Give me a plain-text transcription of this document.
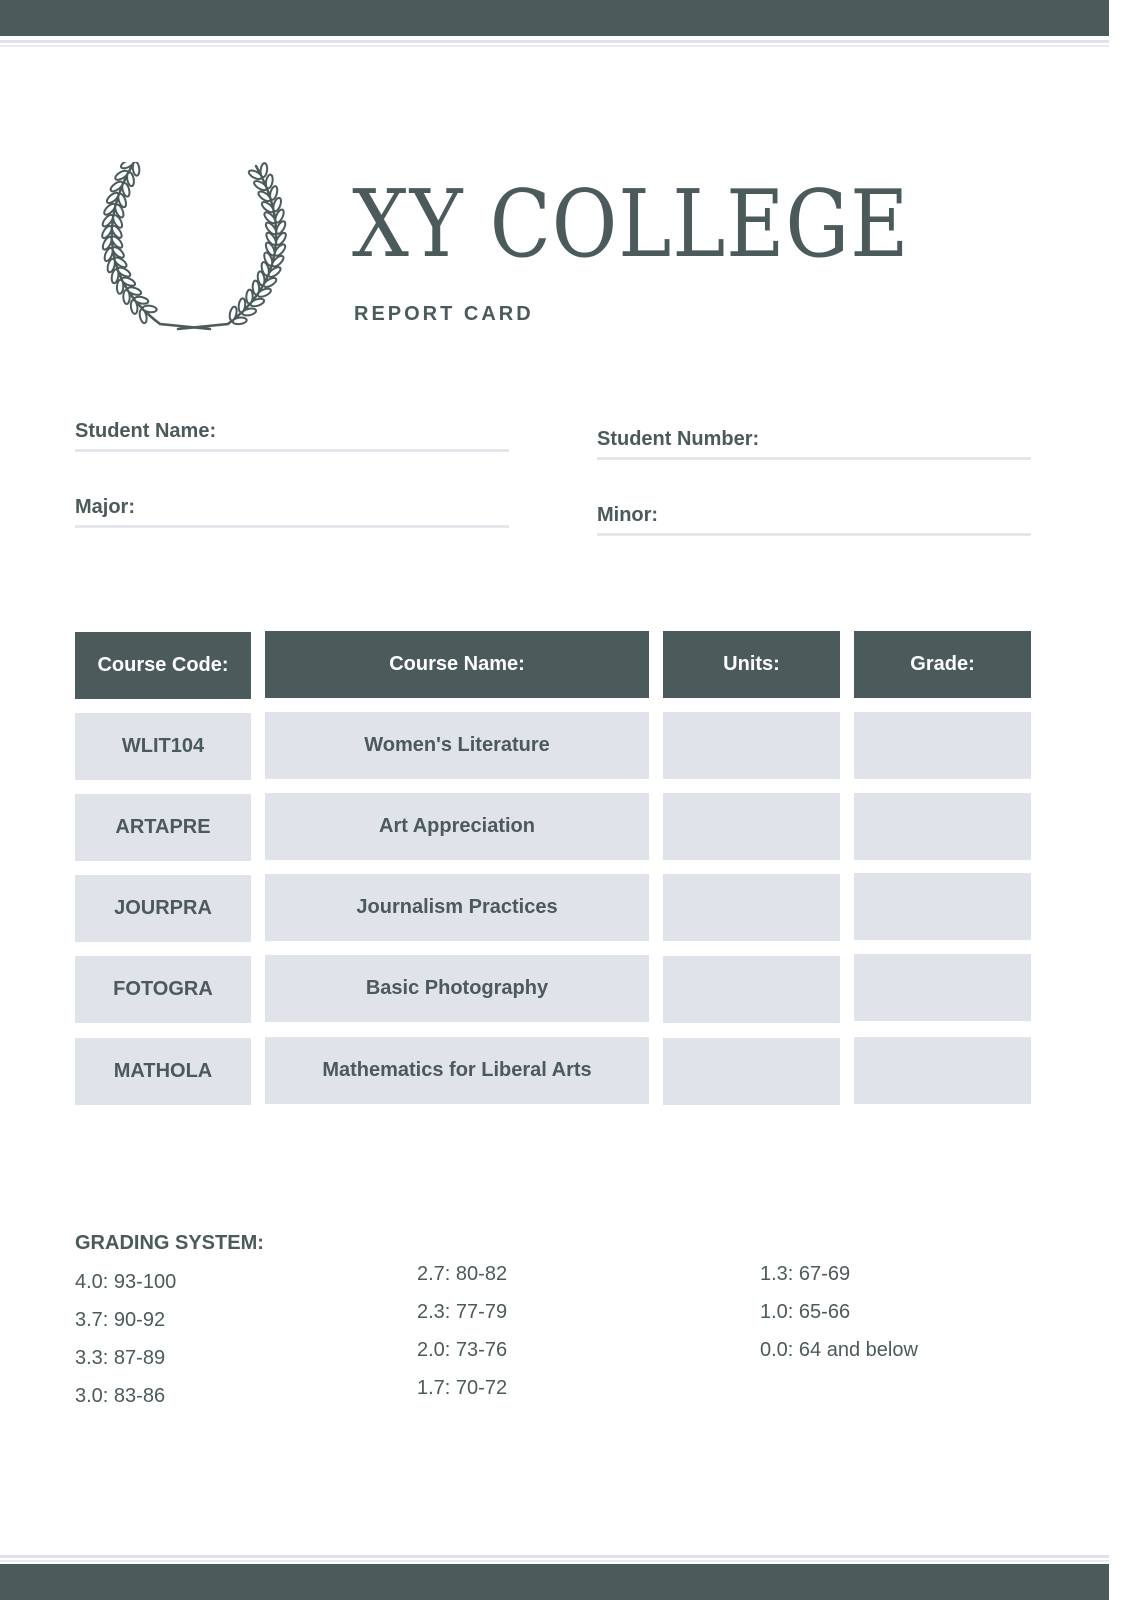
XY COLLEGE
REPORT CARD
Student Name:	Student Number:
Major:	Minor:
Course Code:	Course Name:	Units:	Grade:
WLIT104	Women's Literature
ARTAPRE	Art Appreciation
JOURPRA	Journalism Practices
FOTOGRA	Basic Photography
MATHOLA	Mathematics for Liberal Arts
GRADING SYSTEM:
4.0: 93-100
3.7: 90-92
3.3: 87-89
3.0: 83-86
2.7: 80-82
2.3: 77-79
2.0: 73-76
1.7: 70-72
1.3: 67-69
1.0: 65-66
0.0: 64 and below
